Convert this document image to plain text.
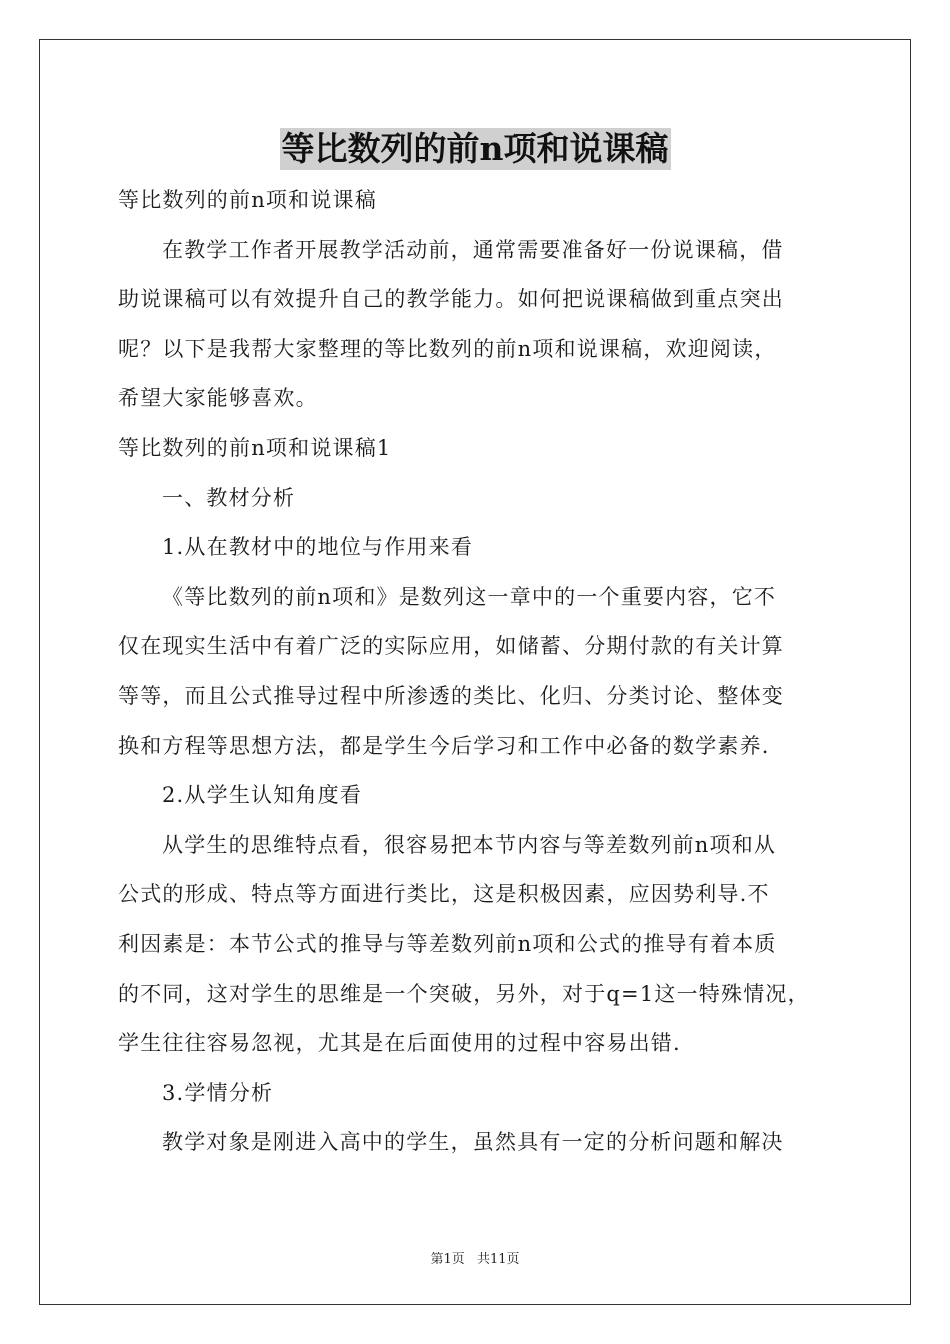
等比数列的前n项和说课稿

等比数列的前n项和说课稿

在教学工作者开展教学活动前，通常需要准备好一份说课稿，借

助说课稿可以有效提升自己的教学能力。如何把说课稿做到重点突出

呢？以下是我帮大家整理的等比数列的前n项和说课稿，欢迎阅读，

希望大家能够喜欢。

等比数列的前n项和说课稿1

一、教材分析

1.从在教材中的地位与作用来看

《等比数列的前n项和》是数列这一章中的一个重要内容，它不

仅在现实生活中有着广泛的实际应用，如储蓄、分期付款的有关计算

等等，而且公式推导过程中所渗透的类比、化归、分类讨论、整体变

换和方程等思想方法，都是学生今后学习和工作中必备的数学素养.

2.从学生认知角度看

从学生的思维特点看，很容易把本节内容与等差数列前n项和从

公式的形成、特点等方面进行类比，这是积极因素，应因势利导.不

利因素是：本节公式的推导与等差数列前n项和公式的推导有着本质

的不同，这对学生的思维是一个突破，另外，对于q=1这一特殊情况，

学生往往容易忽视，尤其是在后面使用的过程中容易出错.

3.学情分析

教学对象是刚进入高中的学生，虽然具有一定的分析问题和解决

第1页 共11页
